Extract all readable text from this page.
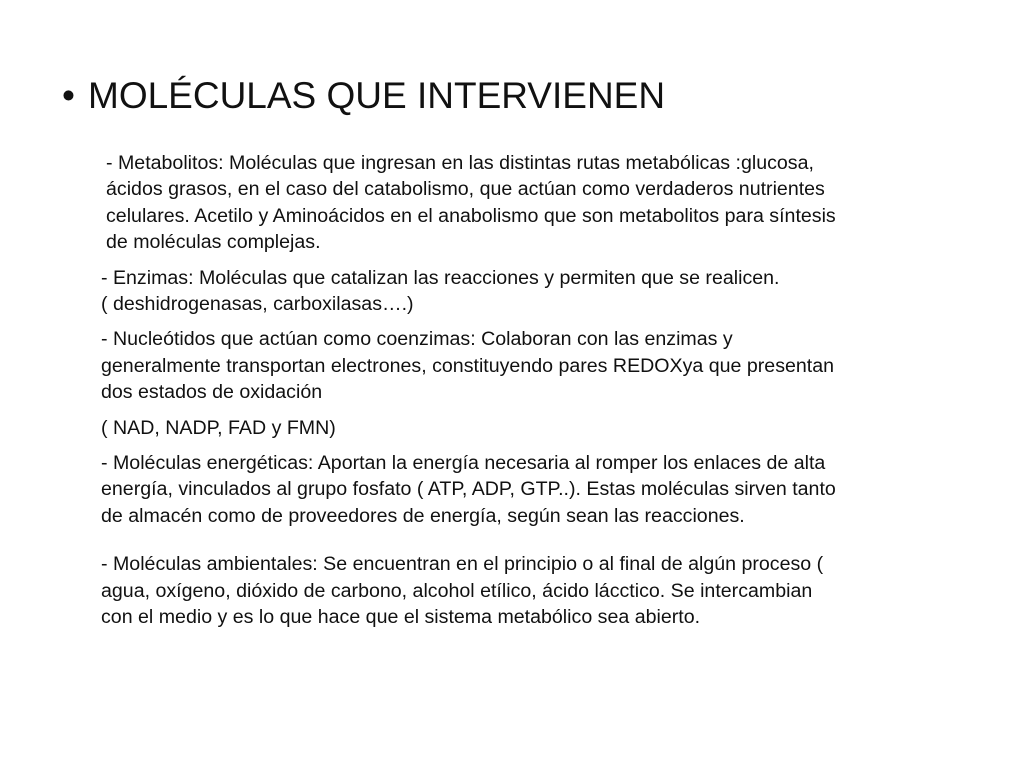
• MOLÉCULAS QUE INTERVIENEN

- Metabolitos: Moléculas que ingresan en las distintas rutas metabólicas :glucosa,
ácidos grasos, en el caso del catabolismo, que actúan como verdaderos nutrientes
celulares. Acetilo y Aminoácidos en el anabolismo que son metabolitos para síntesis
de moléculas complejas.

- Enzimas: Moléculas que catalizan las reacciones y permiten que se realicen.
( deshidrogenasas, carboxilasas….)

- Nucleótidos que actúan como coenzimas: Colaboran con las enzimas y
generalmente transportan electrones, constituyendo pares REDOXya que presentan
dos estados de oxidación

( NAD, NADP, FAD y FMN)

- Moléculas energéticas: Aportan la energía necesaria al romper los enlaces de alta
energía, vinculados al grupo fosfato ( ATP, ADP, GTP..). Estas moléculas sirven tanto
de almacén como de proveedores de energía, según sean las reacciones.

- Moléculas ambientales: Se encuentran en el principio o al final de algún proceso (
agua, oxígeno, dióxido de carbono, alcohol etílico, ácido lácctico. Se intercambian
con el medio y es lo que hace que el sistema metabólico sea abierto.
